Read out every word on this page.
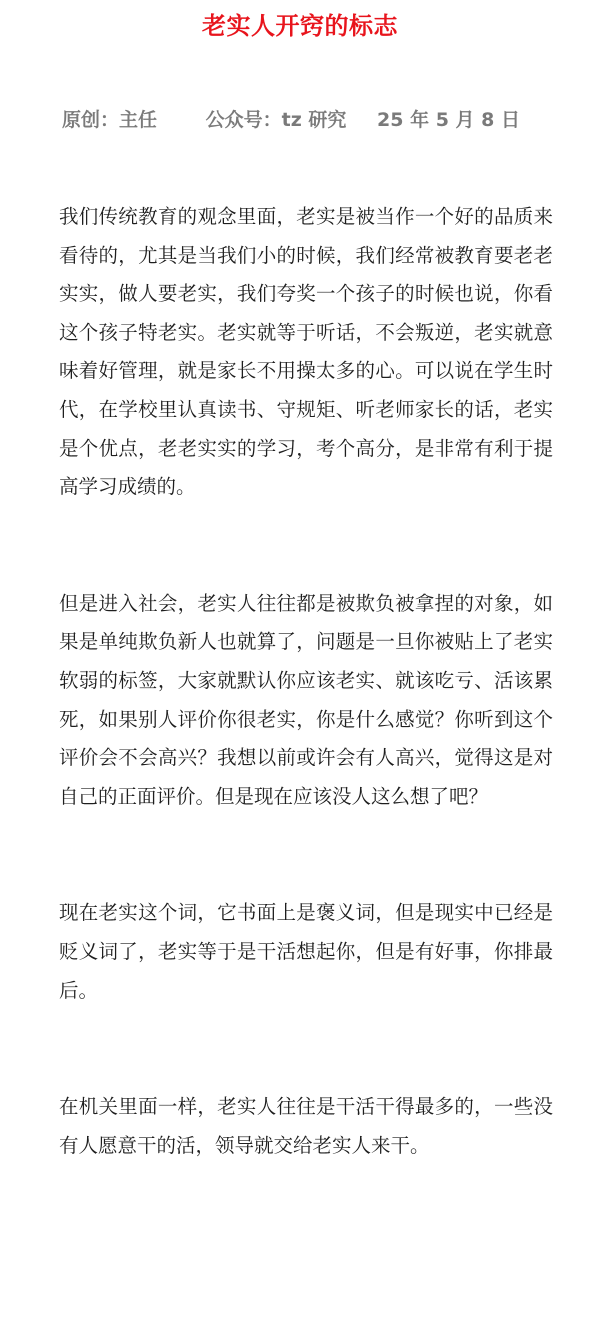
老实人开窍的标志
原创：主任	公众号：tz 研究 25 年 5 月 8 日

我们传统教育的观念里面，老实是被当作一个好的品质来看待的，尤其是当我们小的时候，我们经常被教育要老老实实，做人要老实，我们夸奖一个孩子的时候也说，你看这个孩子特老实。老实就等于听话，不会叛逆，老实就意味着好管理，就是家长不用操太多的心。可以说在学生时代，在学校里认真读书、守规矩、听老师家长的话，老实是个优点，老老实实的学习，考个高分，是非常有利于提高学习成绩的。

但是进入社会，老实人往往都是被欺负被拿捏的对象，如果是单纯欺负新人也就算了，问题是一旦你被贴上了老实软弱的标签，大家就默认你应该老实、就该吃亏、活该累死，如果别人评价你很老实，你是什么感觉？你听到这个评价会不会高兴？我想以前或许会有人高兴，觉得这是对自己的正面评价。但是现在应该没人这么想了吧？

现在老实这个词，它书面上是褒义词，但是现实中已经是贬义词了，老实等于是干活想起你，但是有好事，你排最后。

在机关里面一样，老实人往往是干活干得最多的，一些没有人愿意干的活，领导就交给老实人来干。
